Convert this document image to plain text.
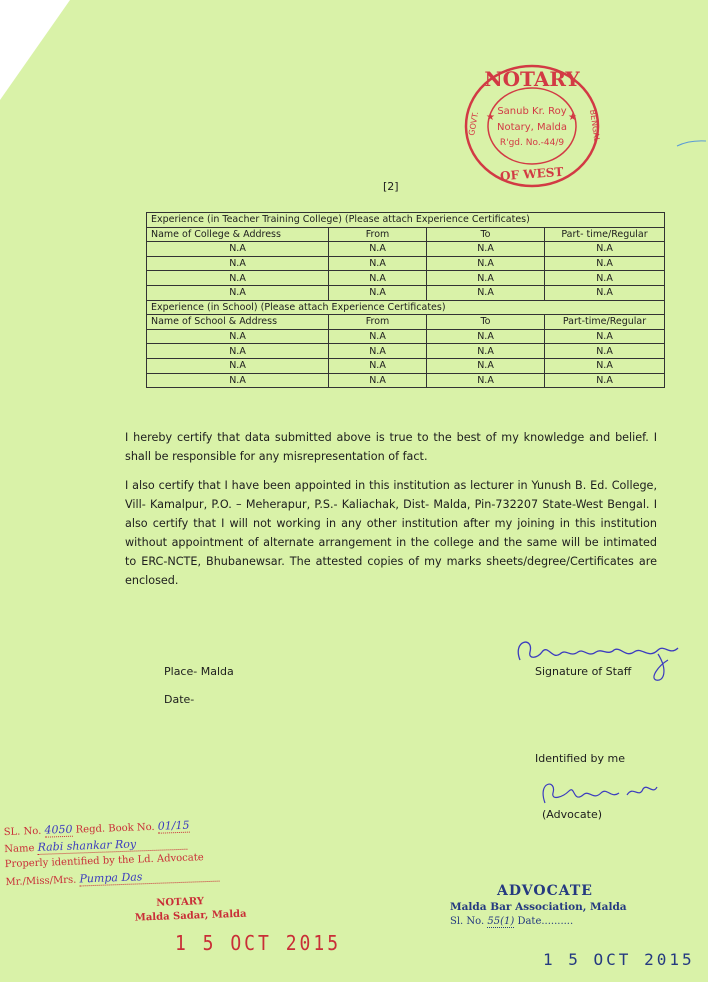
NOTARY
Sanub Kr. Roy
Notary, Malda
R'gd. No.-44/9
GOVT.	BENGAL
OF WEST
★	★
[2]
Experience (in Teacher Training College) (Please attach Experience Certificates)			
Name of College & Address	From	To	Part- time/Regular
N.A	N.A	N.A	N.A
N.A	N.A	N.A	N.A
N.A	N.A	N.A	N.A
N.A	N.A	N.A	N.A
Experience (in School) (Please attach Experience Certificates)			
Name of School & Address	From	To	Part-time/Regular
N.A	N.A	N.A	N.A
N.A	N.A	N.A	N.A
N.A	N.A	N.A	N.A
N.A	N.A	N.A	N.A
I hereby certify that data submitted above is true to the best of my knowledge and belief. I shall be responsible for any misrepresentation of fact.
I also certify that I have been appointed in this institution as lecturer in Yunush B. Ed. College, Vill- Kamalpur, P.O. – Meherapur, P.S.- Kaliachak, Dist- Malda, Pin-732207 State-West Bengal. I also certify that I will not working in any other institution after my joining in this institution without appointment of alternate arrangement in the college and the same will be intimated to ERC-NCTE, Bhubanewsar. The attested copies of my marks sheets/degree/Certificates are enclosed.
Place- Malda
Date-
Signature of Staff
Identified by me
(Advocate)
SL. No. 4050 Regd. Book No. 01/15
Name Rabi shankar Roy
Properly identified by the Ld. Advocate
Mr./Miss/Mrs. Pumpa Das
NOTARY
Malda Sadar, Malda
1 5 OCT 2015
ADVOCATE
Malda Bar Association, Malda
Sl. No. 55(1) Date..........
1 5 OCT 2015
